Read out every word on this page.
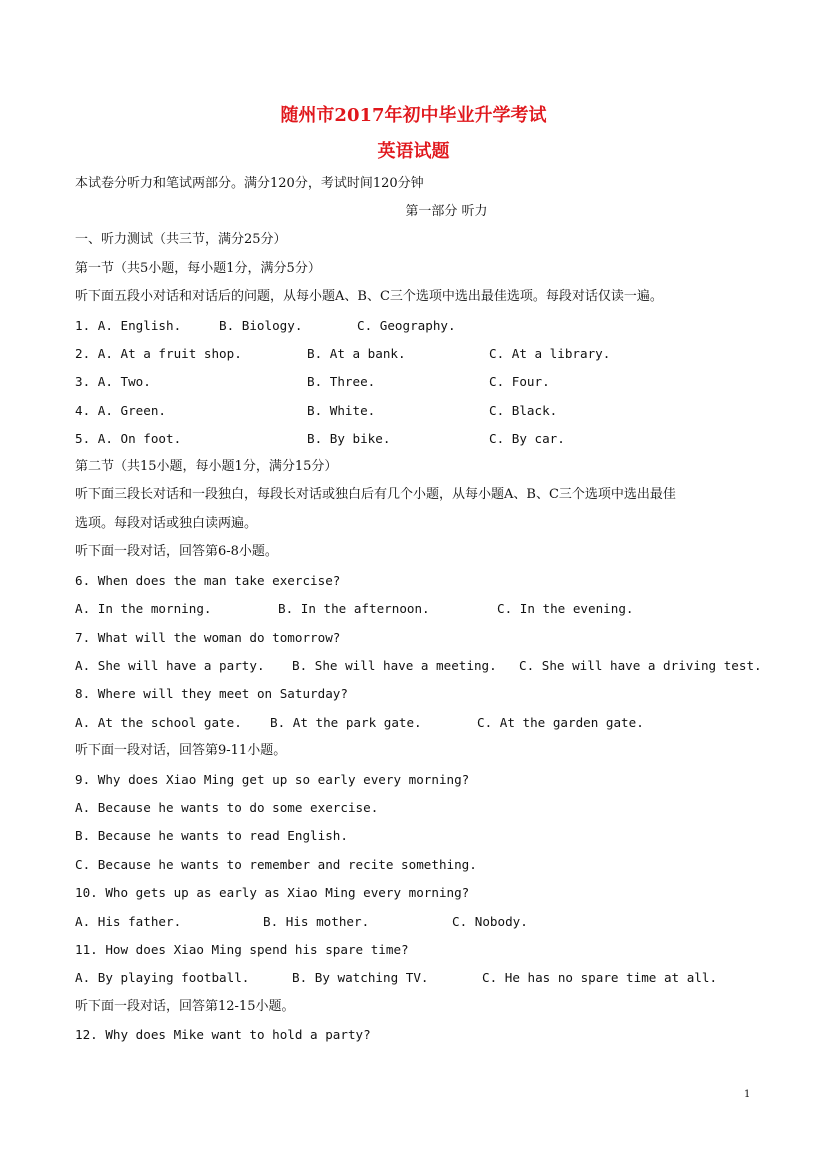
随州市2017年初中毕业升学考试
英语试题
本试卷分听力和笔试两部分。满分120分，考试时间120分钟
第一部分 听力
一、听力测试（共三节，满分25分）
第一节（共5小题，每小题1分，满分5分）
听下面五段小对话和对话后的问题，从每小题A、B、C三个选项中选出最佳选项。每段对话仅读一遍。
1. A. English.	B. Biology.	C. Geography.
2. A. At a fruit shop.	B. At a bank.	C. At a library.
3. A. Two.	B. Three.	C. Four.
4. A. Green.	B. White.	C. Black.
5. A. On foot.	B. By bike.	C. By car.
第二节（共15小题，每小题1分，满分15分）
听下面三段长对话和一段独白，每段长对话或独白后有几个小题，从每小题A、B、C三个选项中选出最佳
选项。每段对话或独白读两遍。
听下面一段对话，回答第6-8小题。
6. When does the man take exercise?
A. In the morning.	B. In the afternoon.	C. In the evening.
7. What will the woman do tomorrow?
A. She will have a party. B. She will have a meeting. C. She will have a driving test.
8. Where will they meet on Saturday?
A. At the school gate. B. At the park gate.	C. At the garden gate.
听下面一段对话，回答第9-11小题。
9. Why does Xiao Ming get up so early every morning?
A. Because he wants to do some exercise.
B. Because he wants to read English.
C. Because he wants to remember and recite something.
10. Who gets up as early as Xiao Ming every morning?
A. His father.	B. His mother.	C. Nobody.
11. How does Xiao Ming spend his spare time?
A. By playing football.	B. By watching TV.	C. He has no spare time at all.
听下面一段对话，回答第12-15小题。
12. Why does Mike want to hold a party?
1
